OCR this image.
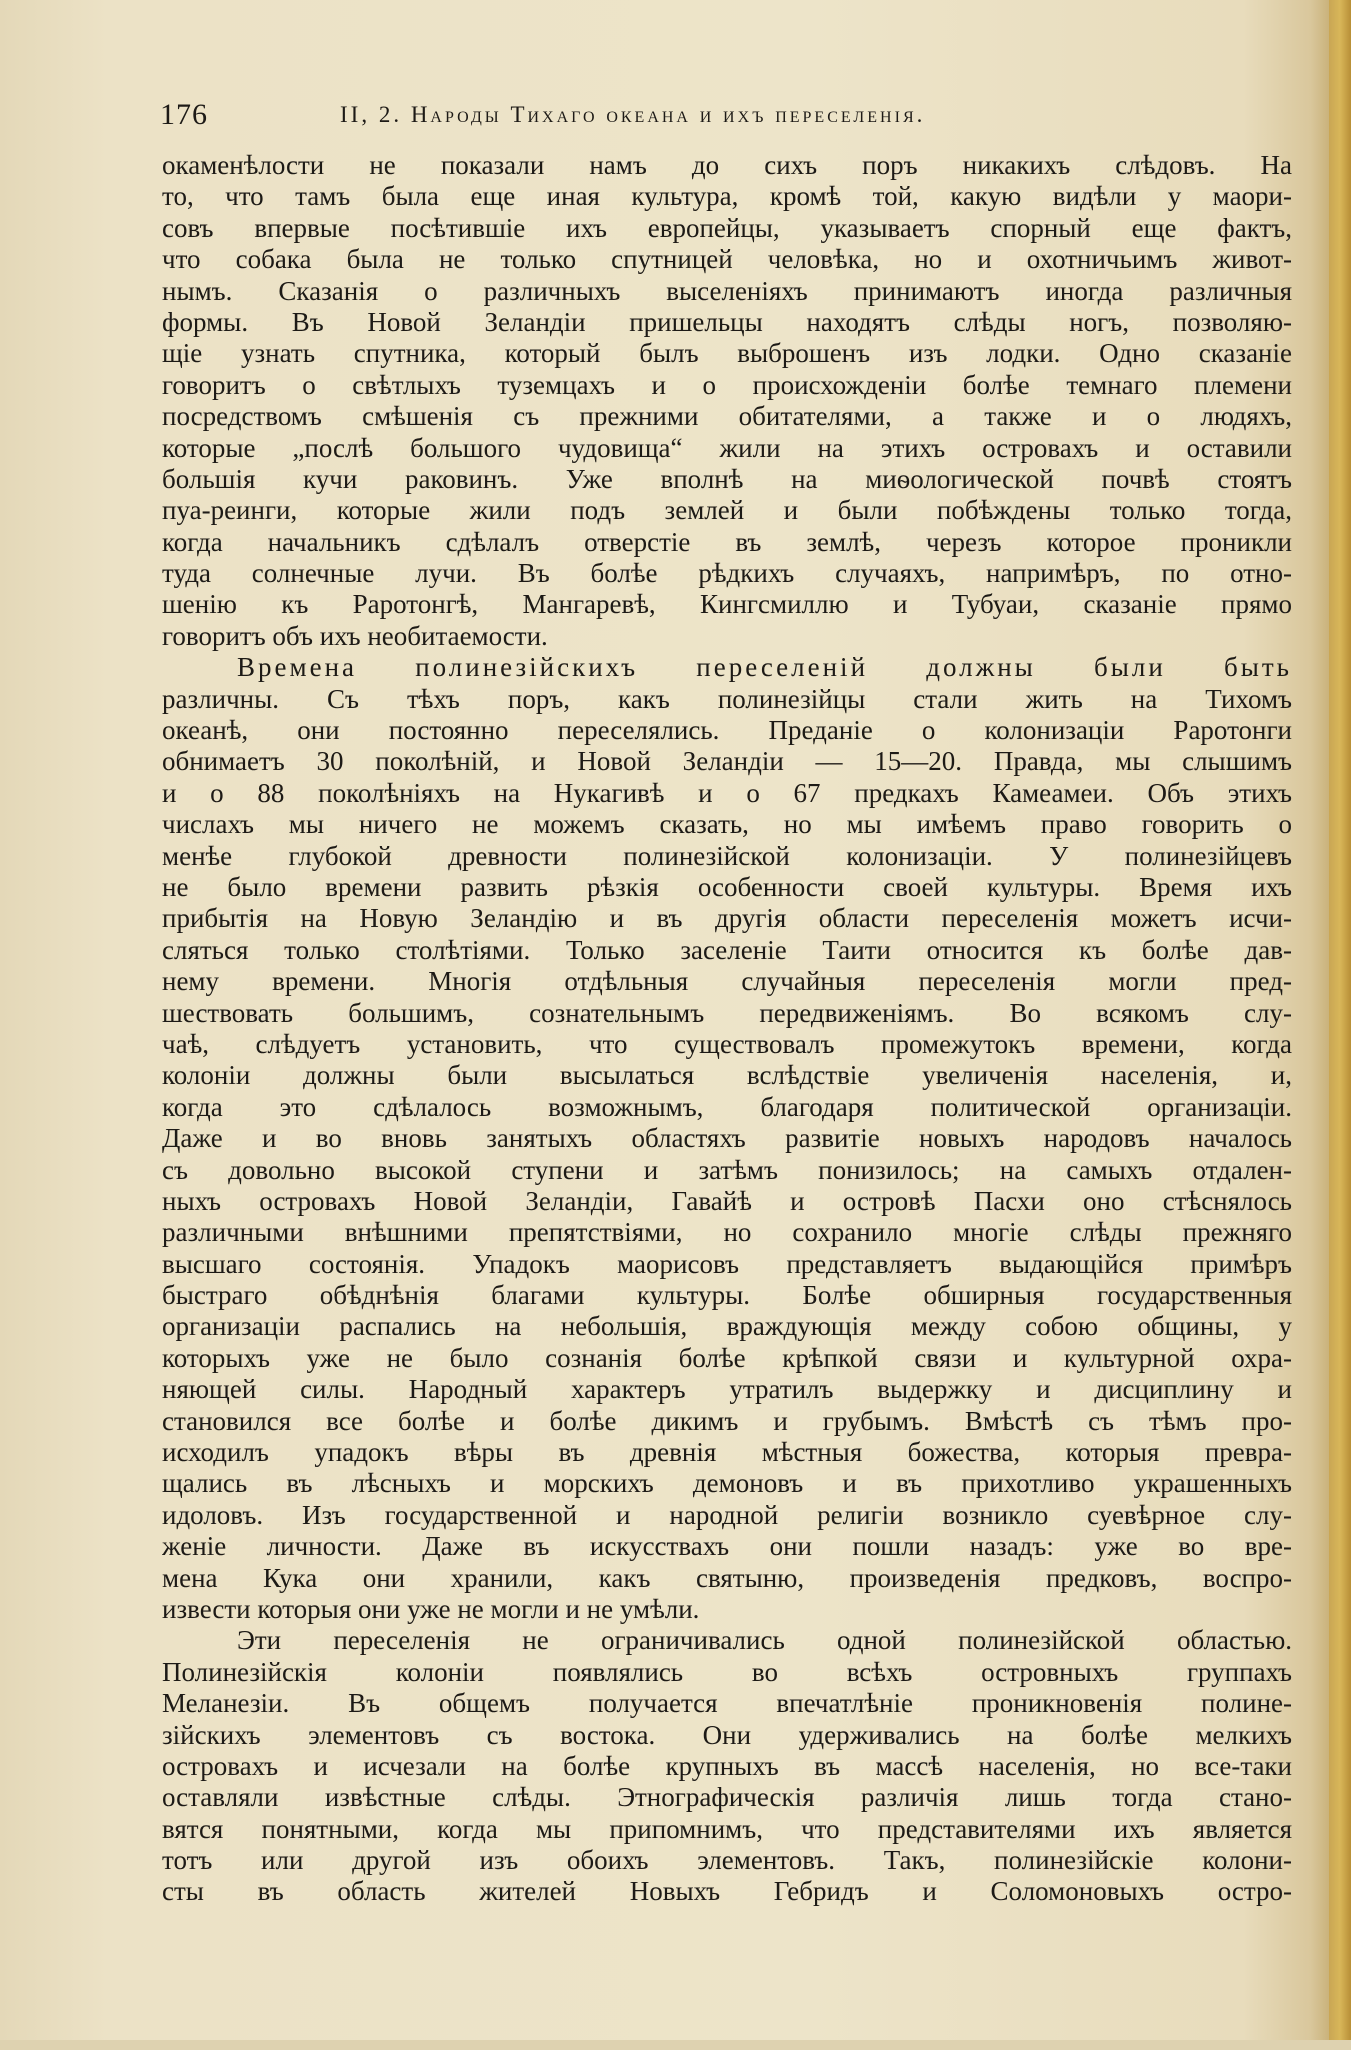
176	II, 2. Народы Тихаго океана и ихъ переселенія.
окаменѣлости не показали намъ до сихъ поръ никакихъ слѣдовъ. На
то, что тамъ была еще иная культура, кромѣ той, какую видѣли у маори-
совъ впервые посѣтившіе ихъ европейцы, указываетъ спорный еще фактъ,
что собака была не только спутницей человѣка, но и охотничьимъ живот-
нымъ. Сказанія о различныхъ выселеніяхъ принимаютъ иногда различныя
формы. Въ Новой Зеландіи пришельцы находятъ слѣды ногъ, позволяю-
щіе узнать спутника, который былъ выброшенъ изъ лодки. Одно сказаніе
говоритъ о свѣтлыхъ туземцахъ и о происхожденіи болѣе темнаго племени
посредствомъ смѣшенія съ прежними обитателями, а также и о людяхъ,
которые „послѣ большого чудовища“ жили на этихъ островахъ и оставили
большія кучи раковинъ. Уже вполнѣ на миѳологической почвѣ стоятъ
пуа-реинги, которые жили подъ землей и были побѣждены только тогда,
когда начальникъ сдѣлалъ отверстіе въ землѣ, черезъ которое проникли
туда солнечные лучи. Въ болѣе рѣдкихъ случаяхъ, напримѣръ, по отно-
шенію къ Раротонгѣ, Мангаревѣ, Кингсмиллю и Тубуаи, сказаніе прямо
говоритъ объ ихъ необитаемости.
Времена полинезійскихъ переселеній должны были быть
различны. Съ тѣхъ поръ, какъ полинезійцы стали жить на Тихомъ
океанѣ, они постоянно переселялись. Преданіе о колонизаціи Раротонги
обнимаетъ 30 поколѣній, и Новой Зеландіи — 15—20. Правда, мы слышимъ
и о 88 поколѣніяхъ на Нукагивѣ и о 67 предкахъ Камеамеи. Объ этихъ
числахъ мы ничего не можемъ сказать, но мы имѣемъ право говорить о
менѣе глубокой древности полинезійской колонизаціи. У полинезійцевъ
не было времени развить рѣзкія особенности своей культуры. Время ихъ
прибытія на Новую Зеландію и въ другія области переселенія можетъ исчи-
сляться только столѣтіями. Только заселеніе Таити относится къ болѣе дав-
нему времени. Многія отдѣльныя случайныя переселенія могли пред-
шествовать большимъ, сознательнымъ передвиженіямъ. Во всякомъ слу-
чаѣ, слѣдуетъ установить, что существовалъ промежутокъ времени, когда
колоніи должны были высылаться вслѣдствіе увеличенія населенія, и,
когда это сдѣлалось возможнымъ, благодаря политической организаціи.
Даже и во вновь занятыхъ областяхъ развитіе новыхъ народовъ началось
съ довольно высокой ступени и затѣмъ понизилось; на самыхъ отдален-
ныхъ островахъ Новой Зеландіи, Гавайѣ и островѣ Пасхи оно стѣснялось
различными внѣшними препятствіями, но сохранило многіе слѣды прежняго
высшаго состоянія. Упадокъ маорисовъ представляетъ выдающійся примѣръ
быстраго обѣднѣнія благами культуры. Болѣе обширныя государственныя
организаціи распались на небольшія, враждующія между собою общины, у
которыхъ уже не было сознанія болѣе крѣпкой связи и культурной охра-
няющей силы. Народный характеръ утратилъ выдержку и дисциплину и
становился все болѣе и болѣе дикимъ и грубымъ. Вмѣстѣ съ тѣмъ про-
исходилъ упадокъ вѣры въ древнія мѣстныя божества, которыя превра-
щались въ лѣсныхъ и морскихъ демоновъ и въ прихотливо украшенныхъ
идоловъ. Изъ государственной и народной религіи возникло суевѣрное слу-
женіе личности. Даже въ искусствахъ они пошли назадъ: уже во вре-
мена Кука они хранили, какъ святыню, произведенія предковъ, воспро-
извести которыя они уже не могли и не умѣли.
Эти переселенія не ограничивались одной полинезійской областью.
Полинезійскія колоніи появлялись во всѣхъ островныхъ группахъ
Меланезіи. Въ общемъ получается впечатлѣніе проникновенія полине-
зійскихъ элементовъ съ востока. Они удерживались на болѣе мелкихъ
островахъ и исчезали на болѣе крупныхъ въ массѣ населенія, но все-таки
оставляли извѣстные слѣды. Этнографическія различія лишь тогда стано-
вятся понятными, когда мы припомнимъ, что представителями ихъ является
тотъ или другой изъ обоихъ элементовъ. Такъ, полинезійскіе колони-
сты въ область жителей Новыхъ Гебридъ и Соломоновыхъ остро-
